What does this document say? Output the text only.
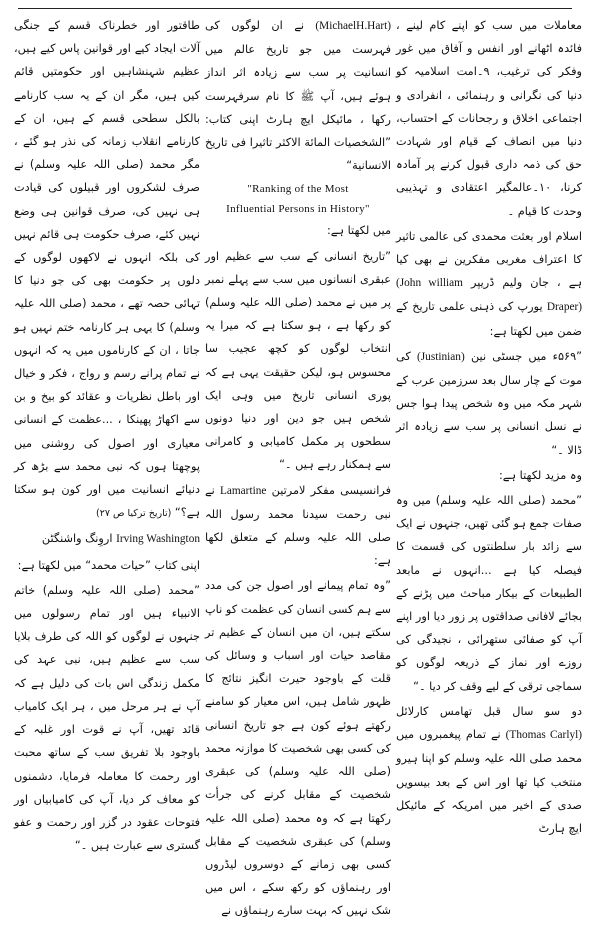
معاملات میں سب کو اپنے کام لینے ، فائدہ اٹھانے اور انفس و آفاق میں غور وفکر کی ترغیب، ۹۔امت اسلامیہ کو دنیا کی نگرانی و رہنمائی ، انفرادی و اجتماعی اخلاق و رجحانات کے احتساب، دنیا میں انصاف کے قیام اور شہادت حق کی ذمہ داری قبول کرنے پر آمادہ کرنا، ۱۰۔عالمگیر اعتقادی و تہذیبی وحدت کا قیام ۔

اسلام اور بعثت محمدی کی عالمی تاثیر کا اعتراف مغربی مفکرین نے بھی کیا ہے ، جان ولیم ڈریپر (John william Draper) یورپ کی ذہنی علمی تاریخ کے ضمن میں لکھتا ہے:

”۵۶۹ء میں جسٹی نین (Justinian) کی موت کے چار سال بعد سرزمین عرب کے شہر مکہ میں وہ شخص پیدا ہوا جس نے نسل انسانی پر سب سے زیادہ اثر ڈالا ۔“

وہ مزید لکھتا ہے:

”محمد (صلی اللہ علیہ وسلم) میں وہ صفات جمع ہو گئی تھیں، جنہوں نے ایک سے زائد بار سلطنتوں کی قسمت کا فیصلہ کیا ہے ...انہوں نے مابعد الطبیعات کے بیکار مباحث میں پڑنے کے بجائے لافانی صداقتوں پر زور دیا اور اپنے آپ کو صفائی ستھرائی ، نجیدگی کی روزے اور نماز کے ذریعہ لوگوں کو سماجی ترقی کے لیے وقف کر دیا ۔“

دو سو سال قبل تھامس کارلائل (Thomas Carlyl) نے تمام پیغمبروں میں محمد صلی اللہ علیہ وسلم کو اپنا ہیرو منتخب کیا تھا اور اس کے بعد بیسویں صدی کے اخیر میں امریکہ کے مائیکل ایچ ہارٹ

(MichaelH.Hart) نے ان لوگوں کی فہرست میں جو تاریخ عالم میں انسانیت پر سب سے زیادہ اثر انداز ہوئے ہیں، آپ ﷺ کا نام سرفہرست رکھا ، مائیکل ایچ ہارٹ اپنی کتاب: ”الشخصیات المائة الاکثر تاثیرا فی تاریخ الانسانیة“

"Ranking of the Most
Influential Persons in History"

میں لکھتا ہے:

”تاریخ انسانی کے سب سے عظیم اور عبقری انسانوں میں سب سے پہلے نمبر پر میں نے محمد (صلی اللہ علیہ وسلم) کو رکھا ہے ، ہو سکتا ہے کہ میرا یہ انتخاب لوگوں کو کچھ عجیب سا محسوس ہو، لیکن حقیقت یہی ہے کہ پوری انسانی تاریخ میں وہی ایک شخص ہیں جو دین اور دنیا دونوں سطحوں پر مکمل کامیابی و کامرانی سے ہمکنار رہے ہیں ۔“

فرانسیسی مفکر لامرتین Lamartine نے نبی رحمت سیدنا محمد رسول اللہ صلی اللہ علیہ وسلم کے متعلق لکھا ہے:

”وہ تمام پیمانے اور اصول جن کی مدد سے ہم کسی انسان کی عظمت کو ناپ سکتے ہیں، ان میں انسان کے عظیم تر مقاصد حیات اور اسباب و وسائل کی قلت کے باوجود حیرت انگیز نتائج کا ظہور شامل ہیں، اس معیار کو سامنے رکھتے ہوئے کون ہے جو تاریخ انسانی کی کسی بھی شخصیت کا موازنہ محمد (صلی اللہ علیہ وسلم) کی عبقری شخصیت کے مقابل کرنے کی جرأت رکھتا ہے کہ وہ محمد (صلی اللہ علیہ وسلم) کی عبقری شخصیت کے مقابل کسی بھی زمانے کے دوسروں لیڈروں اور رہنماؤں کو رکھ سکے ، اس میں شک نہیں کہ بہت سارے رہنماؤں نے

طاقتور اور خطرناک قسم کے جنگی آلات ایجاد کیے اور قوانین پاس کیے ہیں، عظیم شہنشاہیں اور حکومتیں قائم کیں ہیں، مگر ان کے یہ سب کارنامے بالکل سطحی قسم کے ہیں، ان کے کارنامے انقلاب زمانہ کی نذر ہو گئے ، مگر محمد (صلی اللہ علیہ وسلم) نے صرف لشکروں اور قبیلوں کی قیادت ہی نہیں کی، صرف قوانین ہی وضع نہیں کئے، صرف حکومت ہی قائم نہیں کی بلکہ انہوں نے لاکھوں لوگوں کے دلوں پر حکومت بھی کی جو دنیا کا تہائی حصہ تھے ، محمد (صلی اللہ علیہ وسلم) کا یہی ہر کارنامہ ختم نہیں ہو جاتا ، ان کے کارناموں میں یہ کہ انہوں نے تمام پرانے رسم و رواج ، فکر و خیال اور باطل نظریات و عقائد کو بیخ و بن سے اکھاڑ پھینکا ، ...عظمت کے انسانی معیاری اور اصول کی روشنی میں پوچھتا ہوں کہ نبی محمد سے بڑھ کر دنیائے انسانیت میں اور کون ہو سکتا ہے؟“ (تاریخ ترکیا ص ۲۷)

Irving Washington اروِنگ واشنگٹن

اپنی کتاب ”حیات محمد“ میں لکھتا ہے:

”محمد (صلی اللہ علیہ وسلم) خاتم الانبیاء ہیں اور تمام رسولوں میں جنہوں نے لوگوں کو اللہ کی طرف بلایا سب سے عظیم ہیں، نبی عہد کی مکمل زندگی اس بات کی دلیل ہے کہ آپ نے ہر مرحل میں ، ہر ایک کامیاب قائد تھیں، آپ نے قوت اور غلبہ کے باوجود بلا تفریق سب کے ساتھ محبت اور رحمت کا معاملہ فرمایا، دشمنوں کو معاف کر دیا، آپ کی کامیابیاں اور فتوحات عقود در گزر اور رحمت و عفو گستری سے عبارت ہیں ۔“
